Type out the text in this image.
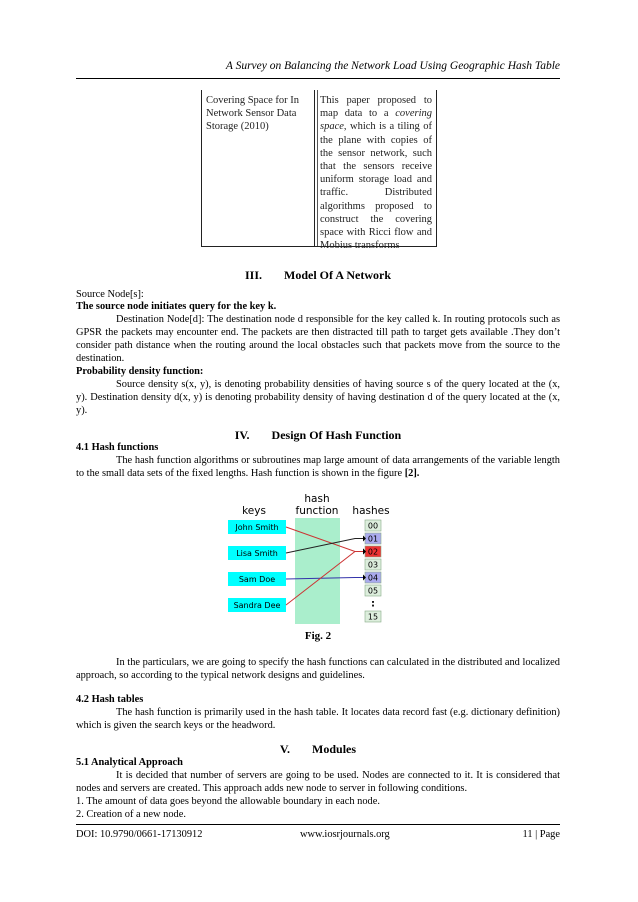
A Survey on Balancing the Network Load Using Geographic Hash Table
Covering Space for In
Network Sensor Data
Storage (2010)
This paper proposed to
map data to a covering
space, which is a tiling of
the plane with copies of
the sensor network, such
that the sensors receive
uniform storage load and
traffic. Distributed
algorithms proposed to
construct the covering
space with Ricci flow and
Mobius transforms
III. Model Of A Network
Source Node[s]:
The source node initiates query for the key k.
Destination Node[d]: The destination node d responsible for the key called k. In routing protocols such as GPSR the packets may encounter end. The packets are then distracted till path to target gets available .They don’t consider path distance when the routing around the local obstacles such that packets move from the source to the destination.
Probability density function:
Source density s(x, y), is denoting probability densities of having source s of the query located at the (x, y). Destination density d(x, y) is denoting probability density of having destination d of the query located at the (x, y).
IV. Design Of Hash Function
4.1 Hash functions
The hash function algorithms or subroutines map large amount of data arrangements of the variable length to the small data sets of the fixed lengths. Hash function is shown in the figure [2].
keys
hash
function hashes
John Smith
Lisa Smith
Sam Doe
Sandra Dee
00
01
02
03
04
05
:
15
Fig. 2
In the particulars, we are going to specify the hash functions can calculated in the distributed and localized approach, so according to the typical network designs and guidelines.
4.2 Hash tables
The hash function is primarily used in the hash table. It locates data record fast (e.g. dictionary definition) which is given the search keys or the headword.
V. Modules
5.1 Analytical Approach
It is decided that number of servers are going to be used. Nodes are connected to it. It is considered that nodes and servers are created. This approach adds new node to server in following conditions.
1. The amount of data goes beyond the allowable boundary in each node.
2. Creation of a new node.
DOI: 10.9790/0661-17130912	www.iosrjournals.org	11 | Page
